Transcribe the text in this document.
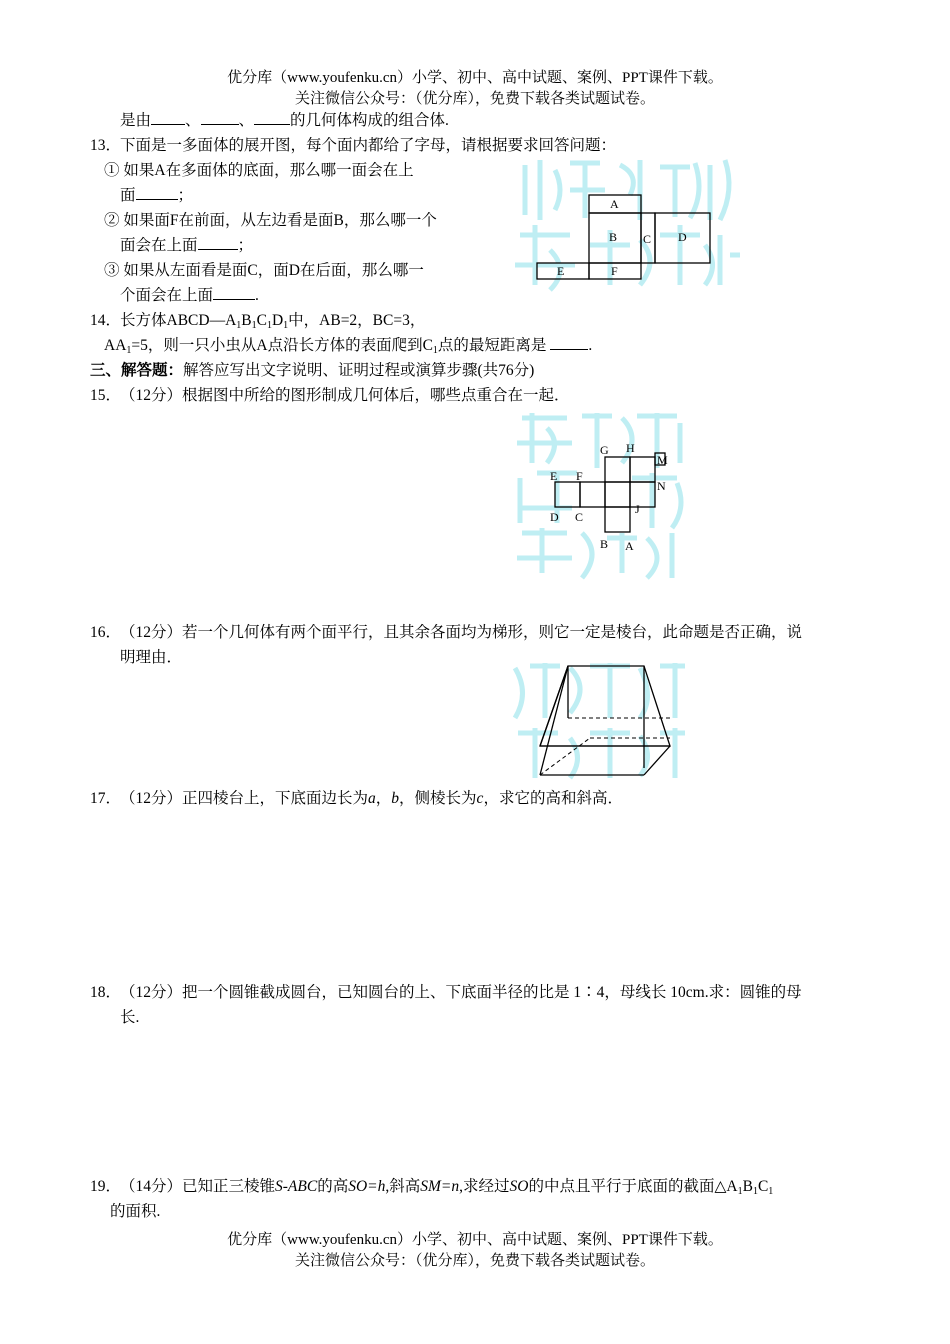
优分库（www.youfenku.cn）小学、初中、高中试题、案例、PPT课件下载。
关注微信公众号：（优分库），免费下载各类试题试卷。
是由 、 、 的几何体构成的组合体.
13．
下面是一多面体的展开图，每个面内都给了字母，请根据要求回答问题：
① 如果A在多面体的底面，那么哪一面会在上
面	；
② 如果面F在前面，从左边看是面B，那么哪一个
面会在上面	；
③ 如果从左面看是面C，面D在后面，那么哪一
个面会在上面	.
A
B C D
E	F
14．
长方体$ABCD—A_1B_1C_1D_1$中，AB=2，BC=3，
$AA_1=5$，则一只小虫从A点沿长方体的表面爬到$C_1$点的最短距离是	.
三、解答题：解答应写出文字说明、证明过程或演算步骤(共76分)
15．
（12分）根据图中所给的图形制成几何体后，哪些点重合在一起．
G H
M
N
E F
D C
J
B A
16．
（12分）若一个几何体有两个面平行，且其余各面均为梯形，则它一定是棱台，此命题是否正确，说
明理由．
17．
（12分）正四棱台上，下底面边长为a，b，侧棱长为c，求它的高和斜高．
18．
（12分）把一个圆锥截成圆台，已知圆台的上、下底面半径的比是 1∶4，母线长 10cm.求：圆锥的母
长.
19．
（14分）已知正三棱锥S-ABC的高SO=h,斜高SM=n,求经过SO的中点且平行于底面的截面$\triangle A_1B_1C_1$
的面积.
优分库（www.youfenku.cn）小学、初中、高中试题、案例、PPT课件下载。
关注微信公众号：（优分库），免费下载各类试题试卷。
